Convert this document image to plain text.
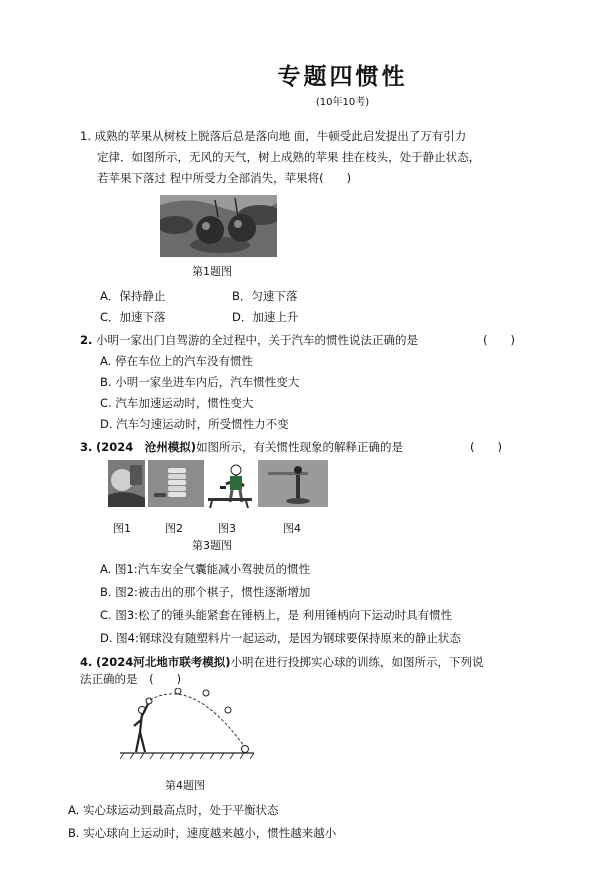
专题四惯性
(10年10考)
1. 成熟的苹果从树枝上脱落后总是落向地 面，牛顿受此启发提出了万有引力
定律．如图所示，无风的天气，树上成熟的苹果 挂在枝头，处于静止状态，
若苹果下落过 程中所受力全部消失，苹果将(　　)
第1题图
A．保持静止	B．匀速下落
C．加速下落	D．加速上升
2. 小明一家出门自驾游的全过程中，关于汽车的惯性说法正确的是	(　　)
A. 停在车位上的汽车没有惯性
B. 小明一家坐进车内后，汽车惯性变大
C. 汽车加速运动时，惯性变大
D. 汽车匀速运动时，所受惯性力不变
3. (2024　沧州模拟)如图所示，有关惯性现象的解释正确的是	(　　)
图1	图2	图3	图4
第3题图
A. 图1:汽车安全气囊能减小驾驶员的惯性
B. 图2:被击出的那个棋子，惯性逐渐增加
C. 图3:松了的锤头能紧套在锤柄上，是 利用锤柄向下运动时具有惯性
D. 图4:钢球没有随塑料片一起运动，是因为钢球要保持原来的静止状态
4. (2024河北地市联考模拟)小明在进行投掷实心球的训练，如图所示，下列说
法正确的是 (　　)
第4题图
A. 实心球运动到最高点时，处于平衡状态
B. 实心球向上运动时，速度越来越小，惯性越来越小
